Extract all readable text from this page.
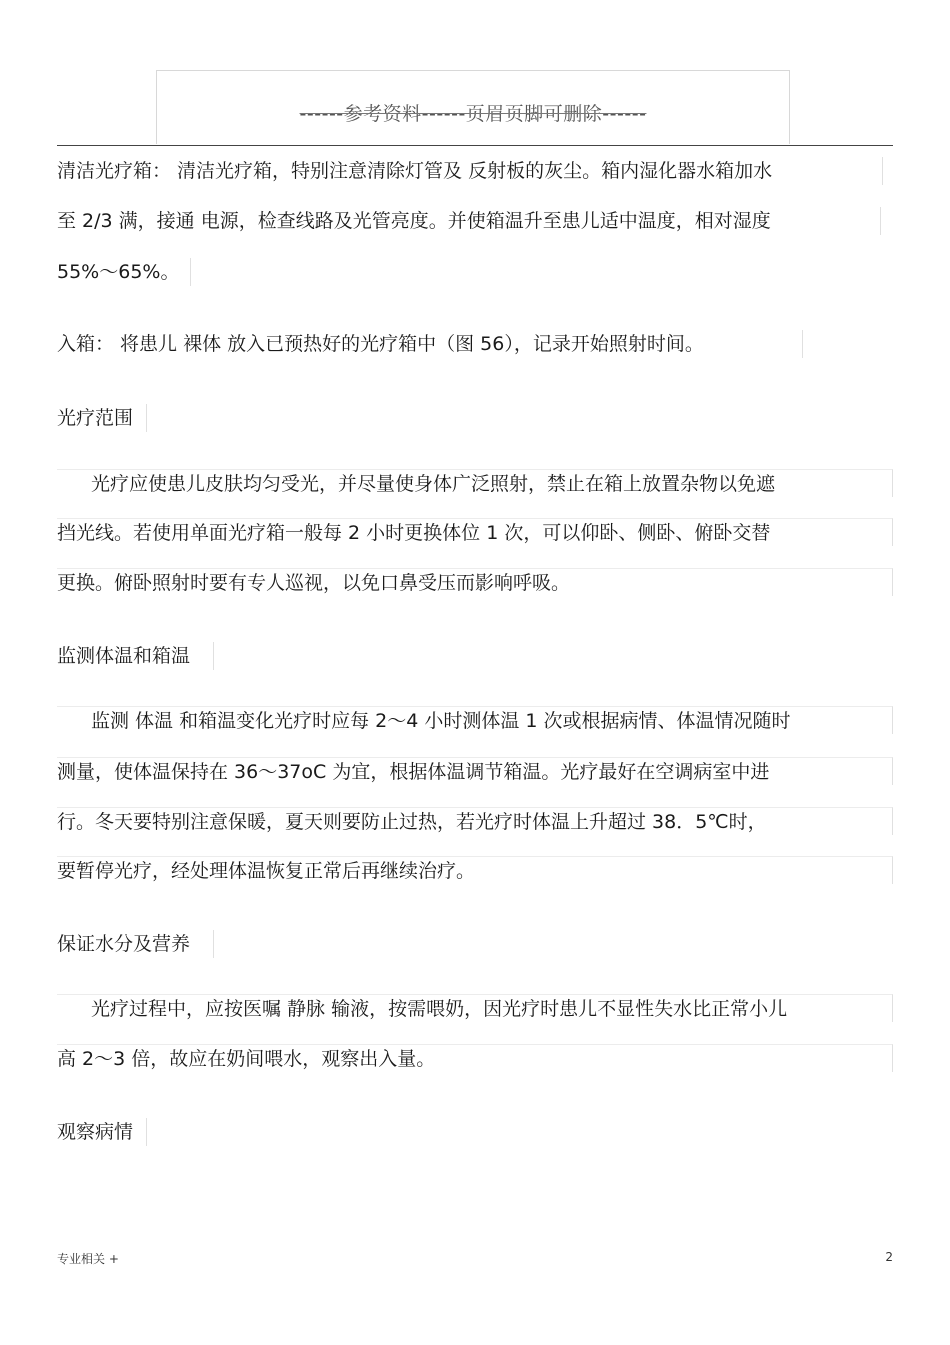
------参考资料------页眉页脚可删除------
清洁光疗箱： 清洁光疗箱，特别注意清除灯管及 反射板的灰尘。箱内湿化器水箱加水
至 2/3 满，接通 电源，检查线路及光管亮度。并使箱温升至患儿适中温度，相对湿度
55%～65%。
入箱： 将患儿 裸体 放入已预热好的光疗箱中（图 56），记录开始照射时间。
光疗范围
光疗应使患儿皮肤均匀受光，并尽量使身体广泛照射，禁止在箱上放置杂物以免遮
挡光线。若使用单面光疗箱一般每 2 小时更换体位 1 次，可以仰卧、侧卧、俯卧交替
更换。俯卧照射时要有专人巡视，以免口鼻受压而影响呼吸。
监测体温和箱温
监测 体温 和箱温变化光疗时应每 2～4 小时测体温 1 次或根据病情、体温情况随时
测量，使体温保持在 36～37oC 为宜，根据体温调节箱温。光疗最好在空调病室中进
行。冬天要特别注意保暖，夏天则要防止过热，若光疗时体温上升超过 38．5℃时，
要暂停光疗，经处理体温恢复正常后再继续治疗。
保证水分及营养
光疗过程中，应按医嘱 静脉 输液，按需喂奶，因光疗时患儿不显性失水比正常小儿
高 2～3 倍，故应在奶间喂水，观察出入量。
观察病情
专业相关 +	2
